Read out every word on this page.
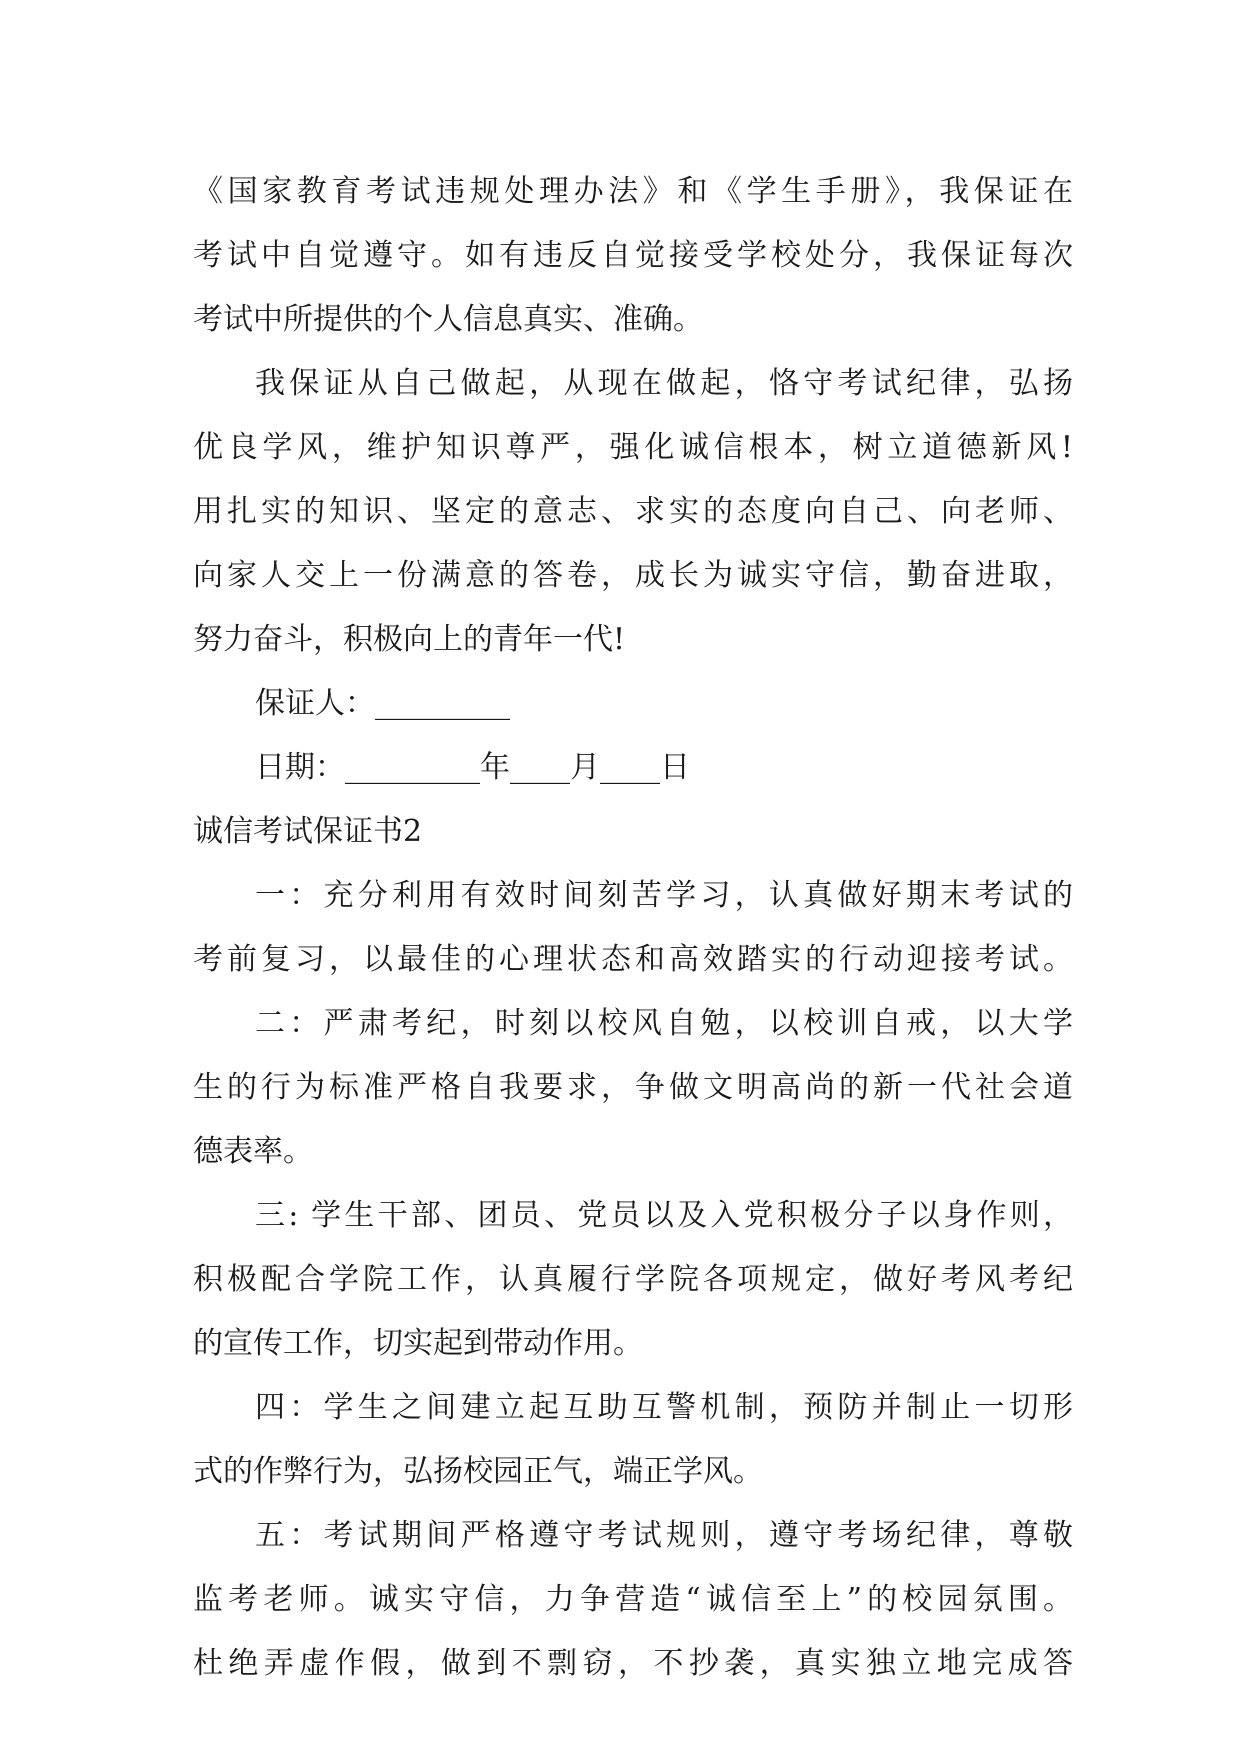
《国家教育考试违规处理办法》和《学生手册》，我保证在
考试中自觉遵守。如有违反自觉接受学校处分，我保证每次
考试中所提供的个人信息真实、准确。
我保证从自己做起，从现在做起，恪守考试纪律，弘扬
优良学风，维护知识尊严，强化诚信根本，树立道德新风!
用扎实的知识、坚定的意志、求实的态度向自己、向老师、
向家人交上一份满意的答卷，成长为诚实守信，勤奋进取，
努力奋斗，积极向上的青年一代!
保证人：_________
日期：_________年____月____日
诚信考试保证书2
一：充分利用有效时间刻苦学习，认真做好期末考试的
考前复习，以最佳的心理状态和高效踏实的行动迎接考试。
二：严肃考纪，时刻以校风自勉，以校训自戒，以大学
生的行为标准严格自我要求，争做文明高尚的新一代社会道
德表率。
三: 学生干部、团员、党员以及入党积极分子以身作则，
积极配合学院工作，认真履行学院各项规定，做好考风考纪
的宣传工作，切实起到带动作用。
四：学生之间建立起互助互警机制，预防并制止一切形
式的作弊行为，弘扬校园正气，端正学风。
五：考试期间严格遵守考试规则，遵守考场纪律，尊敬
监考老师。诚实守信，力争营造“诚信至上”的校园氛围。
杜绝弄虚作假，做到不剽窃，不抄袭，真实独立地完成答
